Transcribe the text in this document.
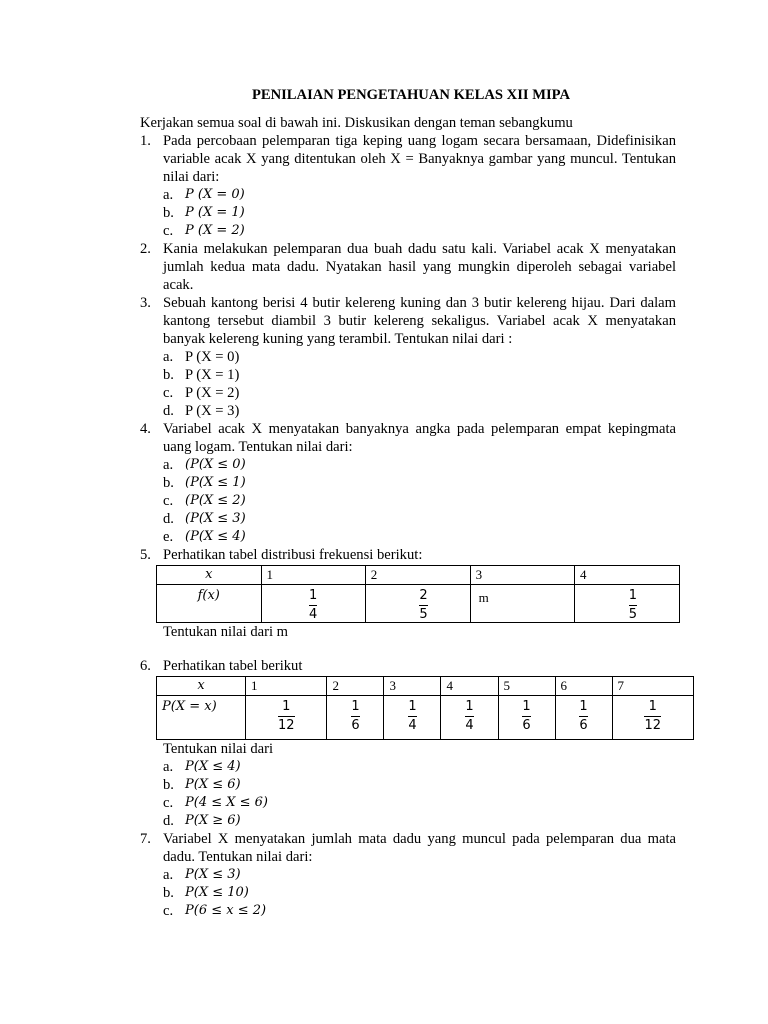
PENILAIAN PENGETAHUAN KELAS XII MIPA

Kerjakan semua soal di bawah ini. Diskusikan dengan teman sebangkumu

1. Pada percobaan pelemparan tiga keping uang logam secara bersamaan, Didefinisikan variable acak X yang ditentukan oleh X = Banyaknya gambar yang muncul. Tentukan nilai dari:
a. P (X = 0)
b. P (X = 1)
c. P (X = 2)
2. Kania melakukan pelemparan dua buah dadu satu kali. Variabel acak X menyatakan jumlah kedua mata dadu. Nyatakan hasil yang mungkin diperoleh sebagai variabel acak.
3. Sebuah kantong berisi 4 butir kelereng kuning dan 3 butir kelereng hijau. Dari dalam kantong tersebut diambil 3 butir kelereng sekaligus. Variabel acak X menyatakan banyak kelereng kuning yang terambil. Tentukan nilai dari :
a. P (X = 0)
b. P (X = 1)
c. P (X = 2)
d. P (X = 3)
4. Variabel acak X menyatakan banyaknya angka pada pelemparan empat kepingmata uang logam. Tentukan nilai dari:
a. (P(X ≤ 0)
b. (P(X ≤ 1)
c. (P(X ≤ 2)
d. (P(X ≤ 3)
e. (P(X ≤ 4)
5. Perhatikan tabel distribusi frekuensi berikut:
x	1	2	3	4
f(x)	$\frac{1}{4}$	$\frac{2}{5}$	m	$\frac{1}{5}$
Tentukan nilai dari m
6. Perhatikan tabel berikut
x	1	2	3	4	5	6	7
P(X = x)	$\frac{1}{12}$	$\frac{1}{6}$	$\frac{1}{4}$	$\frac{1}{4}$	$\frac{1}{6}$	$\frac{1}{6}$	$\frac{1}{12}$
Tentukan nilai dari
a. P(X ≤ 4)
b. P(X ≤ 6)
c. P(4 ≤ X ≤ 6)
d. P(X ≥ 6)
7. Variabel X menyatakan jumlah mata dadu yang muncul pada pelemparan dua mata dadu. Tentukan nilai dari:
a. P(X ≤ 3)
b. P(X ≤ 10)
c. P(6 ≤ x ≤ 2)
